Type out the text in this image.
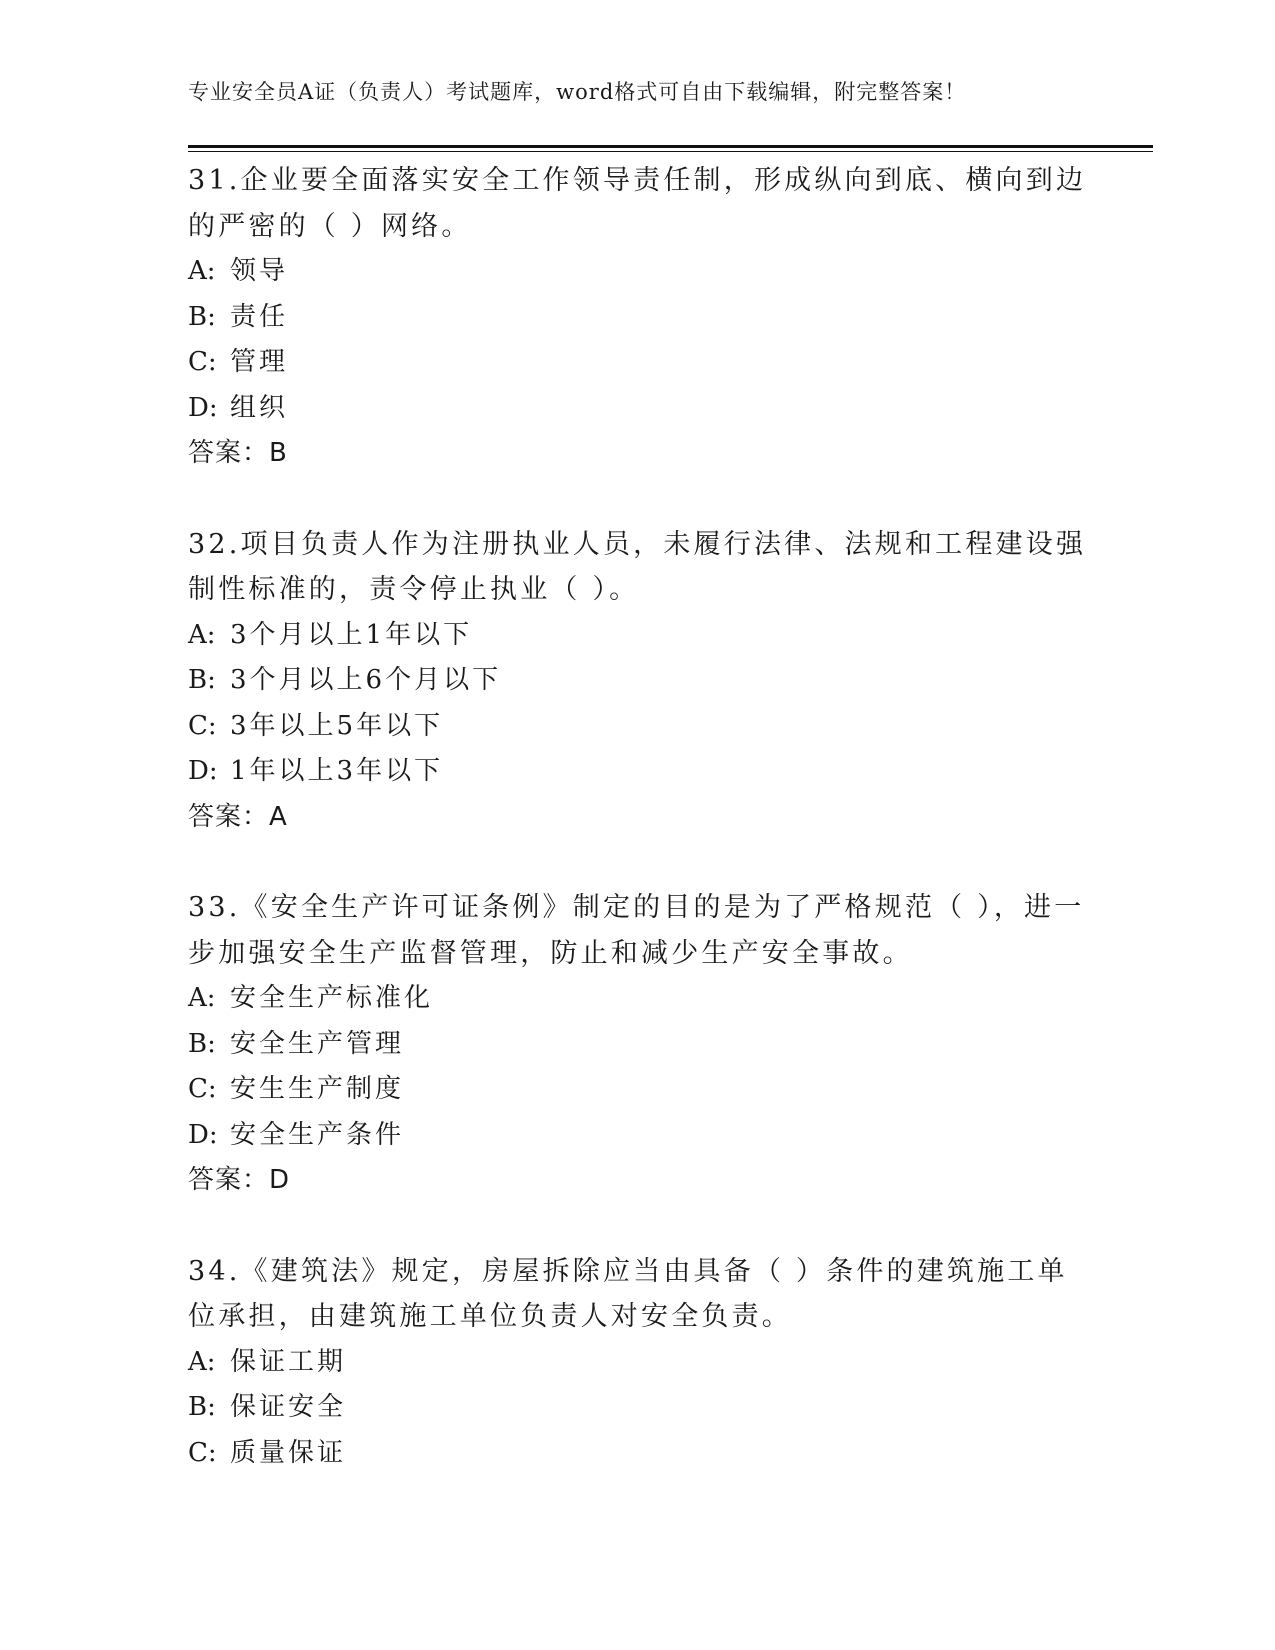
专业安全员A证（负责人）考试题库，word格式可自由下载编辑，附完整答案！

31.企业要全面落实安全工作领导责任制，形成纵向到底、横向到边的严密的（ ）网络。

A: 领导

B: 责任

C: 管理

D: 组织

答案：B

32.项目负责人作为注册执业人员，未履行法律、法规和工程建设强制性标准的，责令停止执业（ ）。

A: 3个月以上1年以下

B: 3个月以上6个月以下

C: 3年以上5年以下

D: 1年以上3年以下

答案：A

33.《安全生产许可证条例》制定的目的是为了严格规范（ ），进一步加强安全生产监督管理，防止和减少生产安全事故。

A: 安全生产标准化

B: 安全生产管理

C: 安生生产制度

D: 安全生产条件

答案：D

34.《建筑法》规定，房屋拆除应当由具备（ ）条件的建筑施工单位承担，由建筑施工单位负责人对安全负责。

A: 保证工期

B: 保证安全

C: 质量保证
